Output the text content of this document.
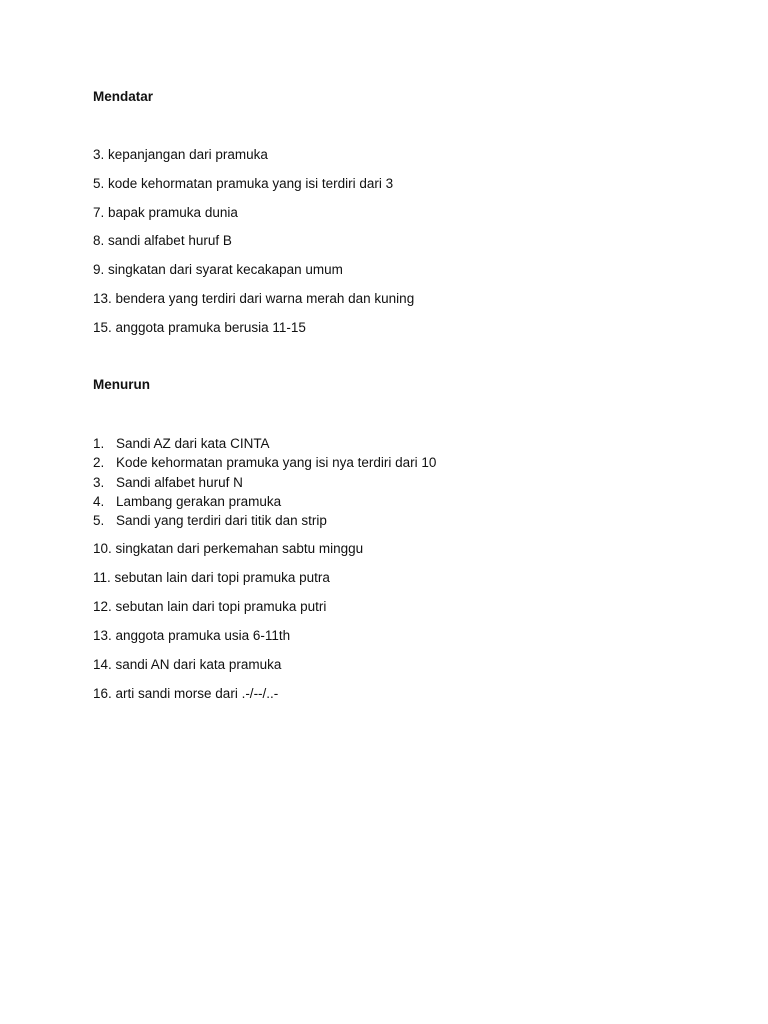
Mendatar

3. kepanjangan dari pramuka

5. kode kehormatan pramuka yang isi terdiri dari 3

7. bapak pramuka dunia

8. sandi alfabet huruf B

9. singkatan dari syarat kecakapan umum

13. bendera yang terdiri dari warna merah dan kuning

15. anggota pramuka berusia 11-15

Menurun
1. Sandi AZ dari kata CINTA
2. Kode kehormatan pramuka yang isi nya terdiri dari 10
3. Sandi alfabet huruf N
4. Lambang gerakan pramuka
5. Sandi yang terdiri dari titik dan strip

10. singkatan dari perkemahan sabtu minggu

11. sebutan lain dari topi pramuka putra

12. sebutan lain dari topi pramuka putri

13. anggota pramuka usia 6-11th

14. sandi AN dari kata pramuka

16. arti sandi morse dari .-/--/..-
